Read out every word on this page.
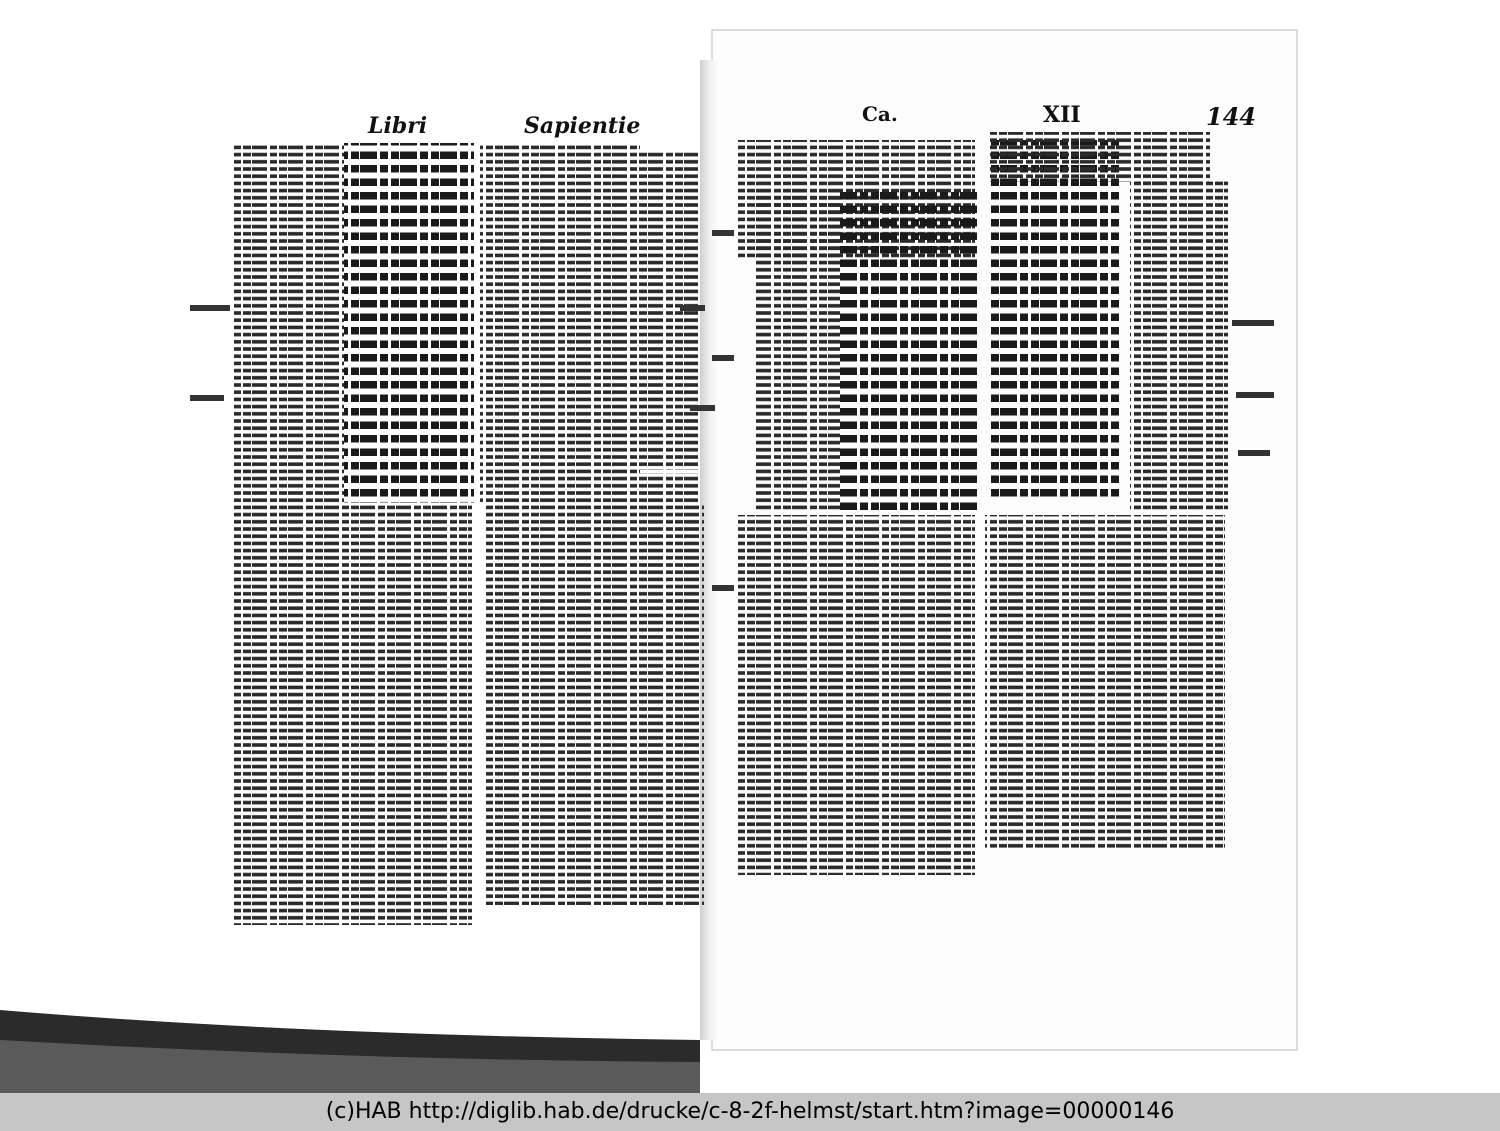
Libri	Sapientie	Ca.	XII	144
(c)HAB http://diglib.hab.de/drucke/c-8-2f-helmst/start.htm?image=00000146
